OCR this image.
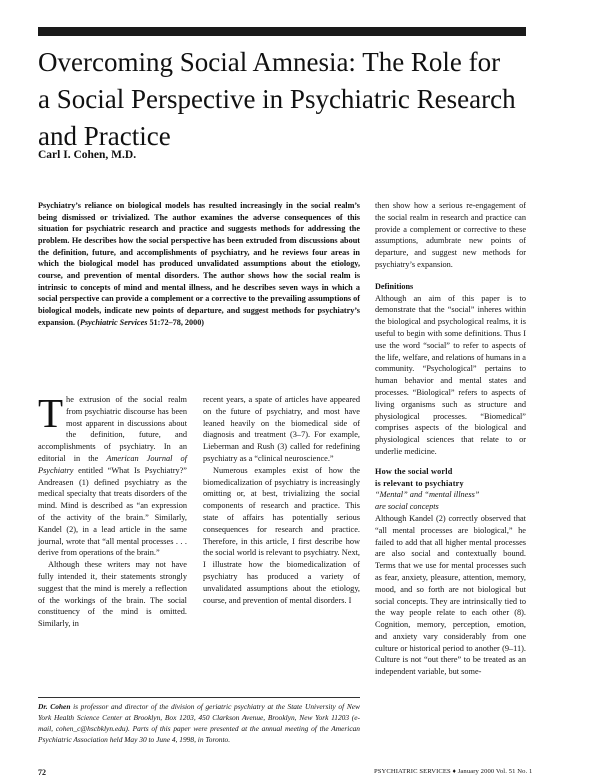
Overcoming Social Amnesia: The Role for a Social Perspective in Psychiatric Research and Practice
Carl I. Cohen, M.D.
Psychiatry’s reliance on biological models has resulted increasingly in the social realm’s being dismissed or trivialized. The author examines the adverse consequences of this situation for psychiatric research and practice and suggests methods for addressing the problem. He describes how the social perspective has been extruded from discussions about the definition, future, and accomplishments of psychiatry, and he reviews four areas in which the biological model has produced unvalidated assumptions about the etiology, course, and prevention of mental disorders. The author shows how the social realm is intrinsic to concepts of mind and mental illness, and he describes seven ways in which a social perspective can provide a complement or a corrective to the prevailing assumptions of biological models, indicate new points of departure, and suggest methods for psychiatry’s expansion. (Psychiatric Services 51:72–78, 2000)

The extrusion of the social realm from psychiatric discourse has been most apparent in discussions about the definition, future, and accomplishments of psychiatry. In an editorial in the American Journal of Psychiatry entitled “What Is Psychiatry?” Andreasen (1) defined psychiatry as the medical specialty that treats disorders of the mind. Mind is described as “an expression of the activity of the brain.” Similarly, Kandel (2), in a lead article in the same journal, wrote that “all mental processes . . . derive from operations of the brain.”

Although these writers may not have fully intended it, their statements strongly suggest that the mind is merely a reflection of the workings of the brain. The social constituency of the mind is omitted. Similarly, in

recent years, a spate of articles have appeared on the future of psychiatry, and most have leaned heavily on the biomedical side of diagnosis and treatment (3–7). For example, Lieberman and Rush (3) called for redefining psychiatry as a “clinical neuroscience.”

Numerous examples exist of how the biomedicalization of psychiatry is increasingly omitting or, at best, trivializing the social components of research and practice. This state of affairs has potentially serious consequences for research and practice. Therefore, in this article, I first describe how the social world is relevant to psychiatry. Next, I illustrate how the biomedicalization of psychiatry has produced a variety of unvalidated assumptions about the etiology, course, and prevention of mental disorders. I

then show how a serious re-engagement of the social realm in research and practice can provide a complement or corrective to these assumptions, adumbrate new points of departure, and suggest new methods for psychiatry’s expansion.

Definitions

Although an aim of this paper is to demonstrate that the “social” inheres within the biological and psychological realms, it is useful to begin with some definitions. Thus I use the word “social” to refer to aspects of the life, welfare, and relations of humans in a community. “Psychological” pertains to human behavior and mental states and processes. “Biological” refers to aspects of living organisms such as structure and physiological processes. “Biomedical” comprises aspects of the biological and physiological sciences that relate to or underlie medicine.

How the social world
is relevant to psychiatry

“Mental” and “mental illness”
are social concepts

Although Kandel (2) correctly observed that “all mental processes are biological,” he failed to add that all higher mental processes are also social and contextually bound. Terms that we use for mental processes such as fear, anxiety, pleasure, attention, memory, mood, and so forth are not biological but social concepts. They are intrinsically tied to the way people relate to each other (8). Cognition, memory, perception, emotion, and anxiety vary considerably from one culture or historical period to another (9–11). Culture is not “out there” to be treated as an independent variable, but some-

Dr. Cohen is professor and director of the division of geriatric psychiatry at the State University of New York Health Science Center at Brooklyn, Box 1203, 450 Clarkson Avenue, Brooklyn, New York 11203 (e-mail, cohen_c@hscbklyn.edu). Parts of this paper were presented at the annual meeting of the American Psychiatric Association held May 30 to June 4, 1998, in Toronto.
72	PSYCHIATRIC SERVICES ♦ January 2000 Vol. 51 No. 1
